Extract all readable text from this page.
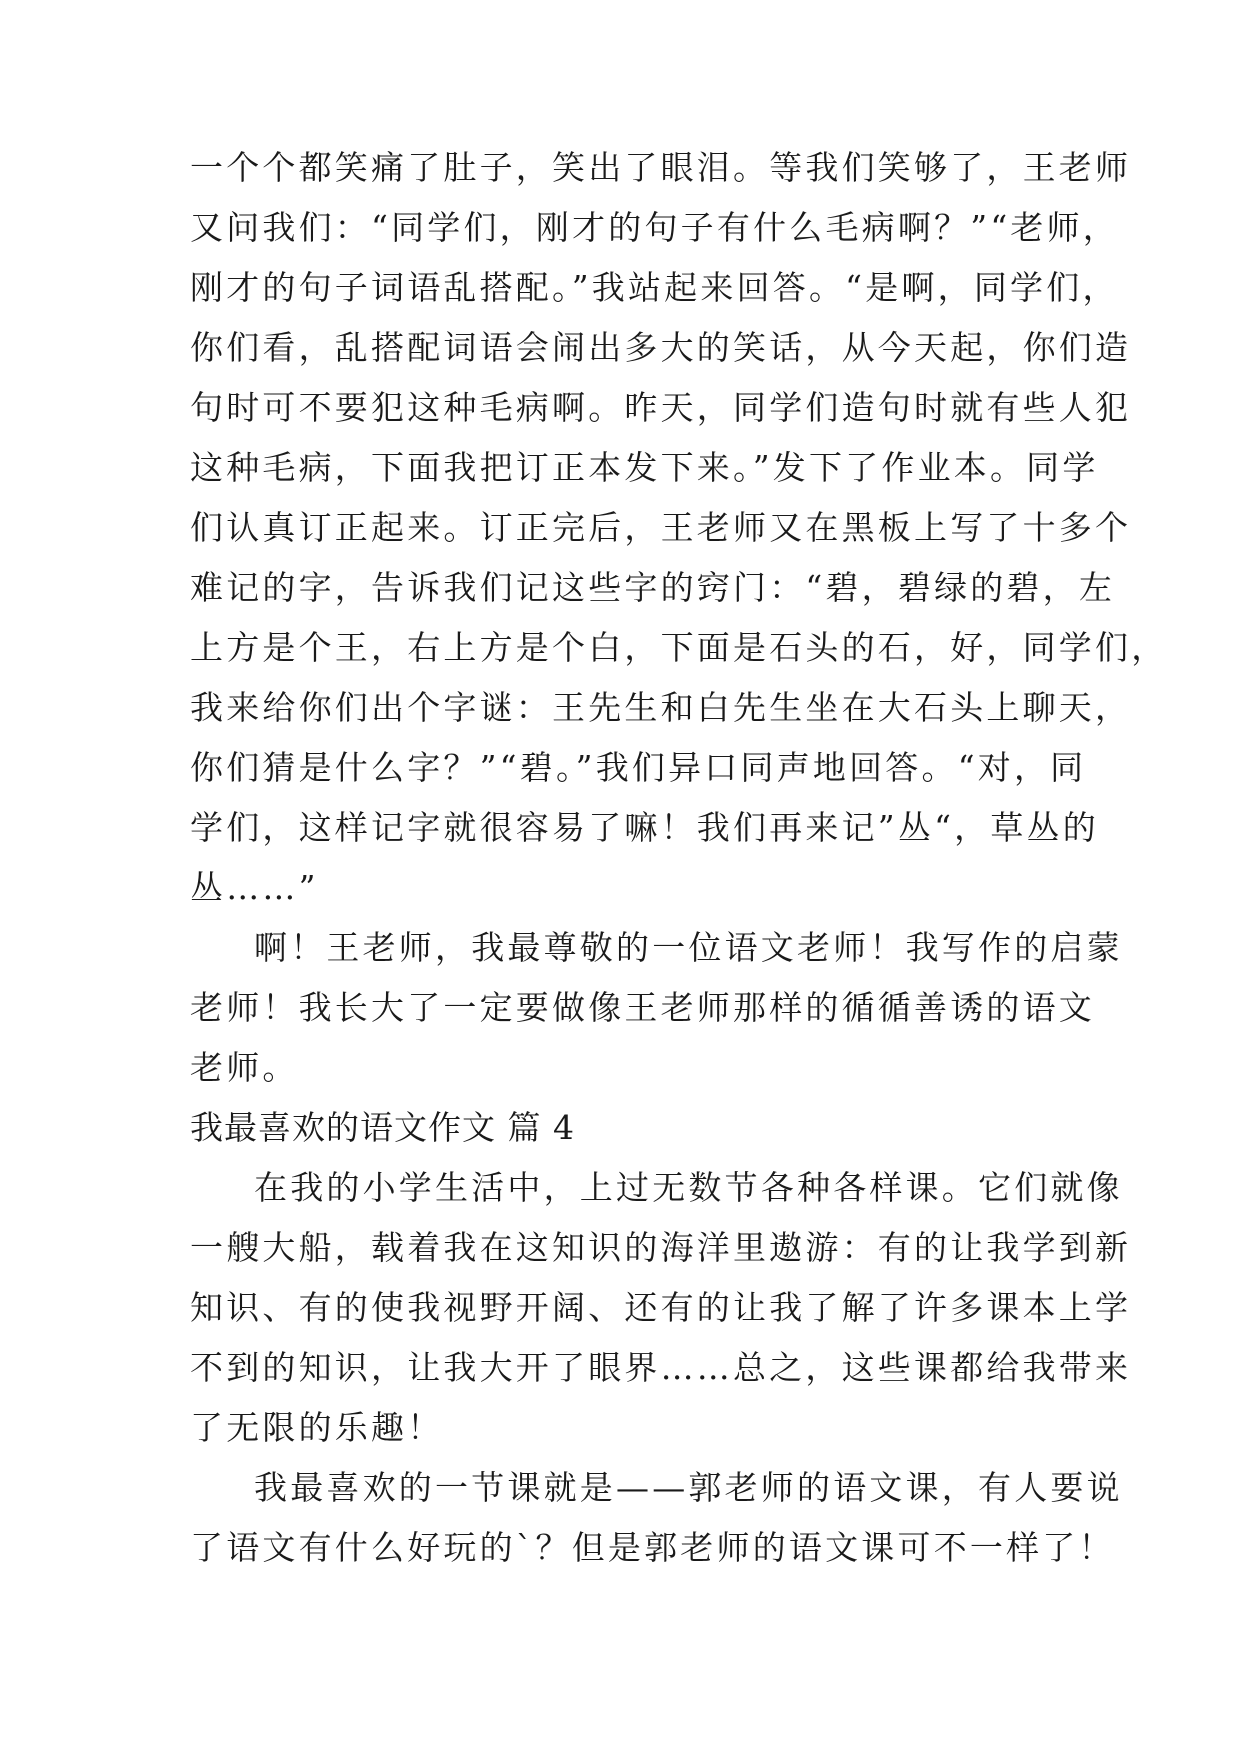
一个个都笑痛了肚子，笑出了眼泪。等我们笑够了，王老师
又问我们：“同学们，刚才的句子有什么毛病啊？”“老师，
刚才的句子词语乱搭配。”我站起来回答。“是啊，同学们，
你们看，乱搭配词语会闹出多大的笑话，从今天起，你们造
句时可不要犯这种毛病啊。昨天，同学们造句时就有些人犯
这种毛病，下面我把订正本发下来。”发下了作业本。同学
们认真订正起来。订正完后，王老师又在黑板上写了十多个
难记的字，告诉我们记这些字的窍门：“碧，碧绿的碧，左
上方是个王，右上方是个白，下面是石头的石，好，同学们，
我来给你们出个字谜：王先生和白先生坐在大石头上聊天，
你们猜是什么字？”“碧。”我们异口同声地回答。“对，同
学们，这样记字就很容易了嘛！我们再来记”丛“，草丛的
丛……”
啊！王老师，我最尊敬的一位语文老师！我写作的启蒙
老师！我长大了一定要做像王老师那样的循循善诱的语文
老师。
我最喜欢的语文作文 篇 4
在我的小学生活中，上过无数节各种各样课。它们就像
一艘大船，载着我在这知识的海洋里遨游：有的让我学到新
知识、有的使我视野开阔、还有的让我了解了许多课本上学
不到的知识，让我大开了眼界……总之，这些课都给我带来
了无限的乐趣！
我最喜欢的一节课就是——郭老师的语文课，有人要说
了语文有什么好玩的`？但是郭老师的语文课可不一样了！
